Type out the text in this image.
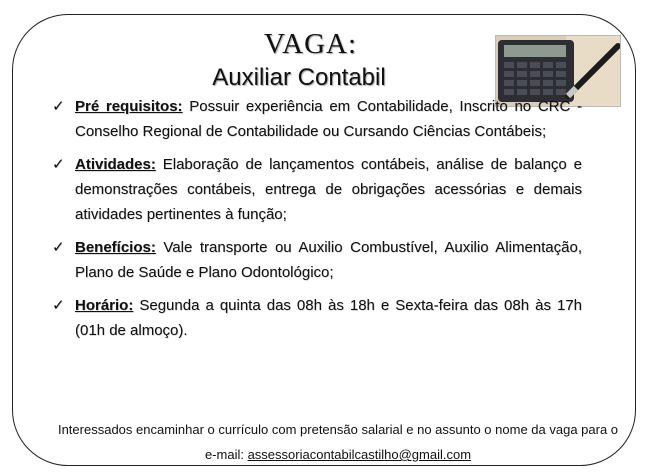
VAGA:
Auxiliar Contabil
Interessados encaminhar o currículo com pretensão salarial e no assunto o nome da vaga para o e-mail: assessoriacontabilcastilho@gmail.com
✓ Pré requisitos: Possuir experiência em Contabilidade, Inscrito no CRC - Conselho Regional de Contabilidade ou Cursando Ciências Contábeis;
✓ Atividades: Elaboração de lançamentos contábeis, análise de balanço e demonstrações contábeis, entrega de obrigações acessórias e demais atividades pertinentes à função;
✓ Benefícios: Vale transporte ou Auxilio Combustível, Auxilio Alimentação, Plano de Saúde e Plano Odontológico;
✓ Horário: Segunda a quinta das 08h às 18h e Sexta-feira das 08h às 17h (01h de almoço).
